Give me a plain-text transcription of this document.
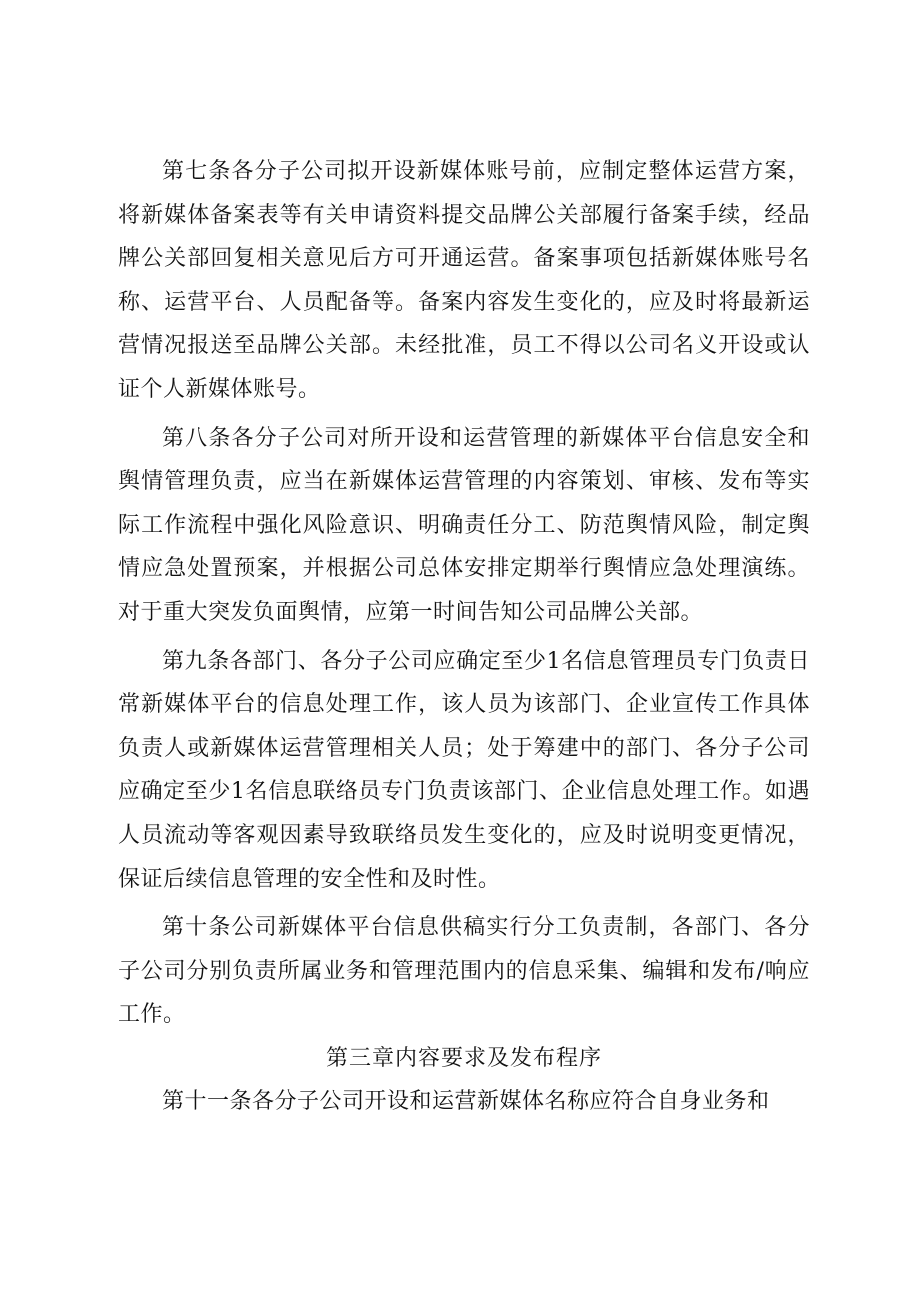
第七条各分子公司拟开设新媒体账号前，应制定整体运营方案，将新媒体备案表等有关申请资料提交品牌公关部履行备案手续，经品牌公关部回复相关意见后方可开通运营。备案事项包括新媒体账号名称、运营平台、人员配备等。备案内容发生变化的，应及时将最新运营情况报送至品牌公关部。未经批准，员工不得以公司名义开设或认证个人新媒体账号。

第八条各分子公司对所开设和运营管理的新媒体平台信息安全和舆情管理负责，应当在新媒体运营管理的内容策划、审核、发布等实际工作流程中强化风险意识、明确责任分工、防范舆情风险，制定舆情应急处置预案，并根据公司总体安排定期举行舆情应急处理演练。对于重大突发负面舆情，应第一时间告知公司品牌公关部。

第九条各部门、各分子公司应确定至少1名信息管理员专门负责日常新媒体平台的信息处理工作，该人员为该部门、企业宣传工作具体负责人或新媒体运营管理相关人员；处于筹建中的部门、各分子公司应确定至少1名信息联络员专门负责该部门、企业信息处理工作。如遇人员流动等客观因素导致联络员发生变化的，应及时说明变更情况，保证后续信息管理的安全性和及时性。

第十条公司新媒体平台信息供稿实行分工负责制，各部门、各分子公司分别负责所属业务和管理范围内的信息采集、编辑和发布/响应工作。

第三章内容要求及发布程序

第十一条各分子公司开设和运营新媒体名称应符合自身业务和
